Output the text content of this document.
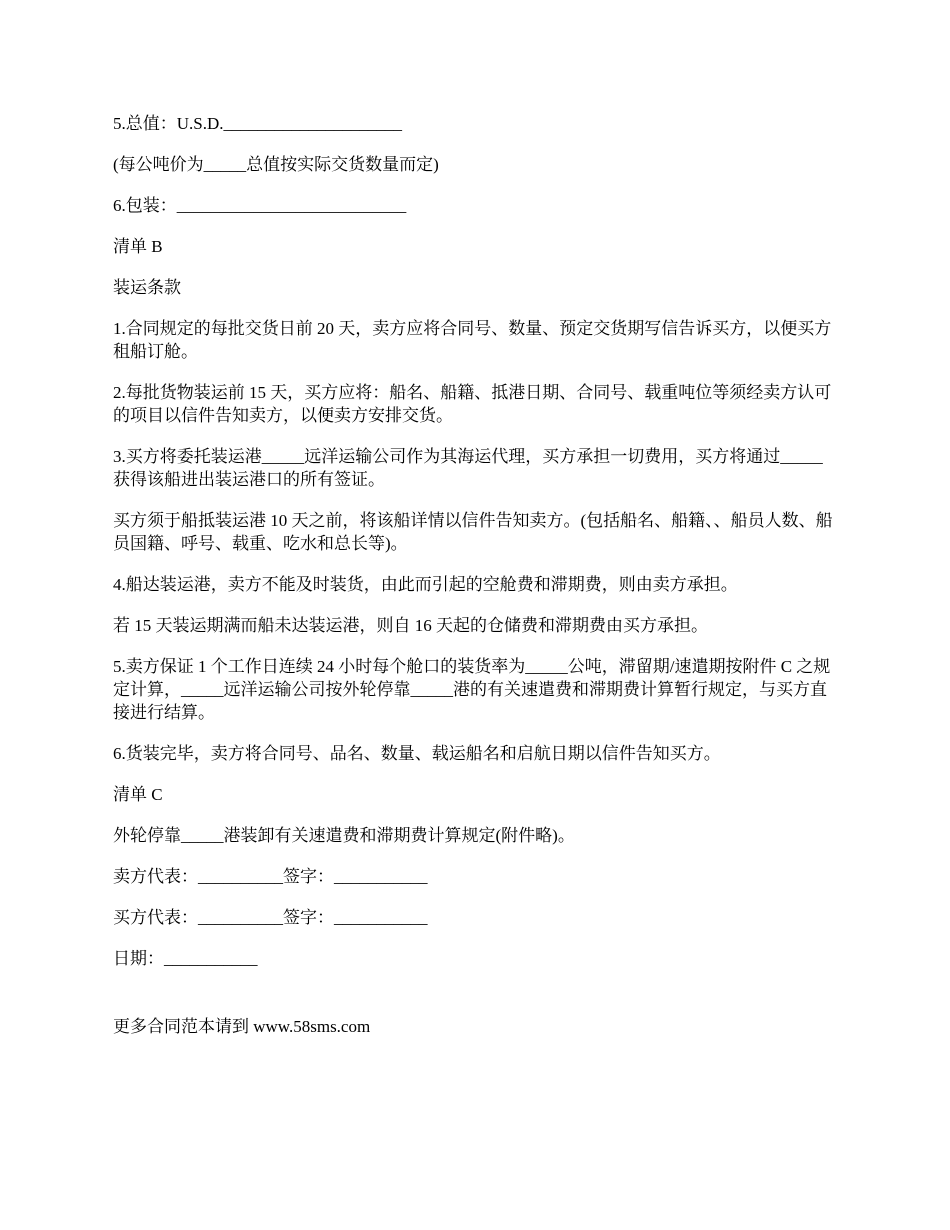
5.总值：U.S.D._____________________

(每公吨价为_____总值按实际交货数量而定)

6.包装：___________________________

清单 B

装运条款

1.合同规定的每批交货日前 20 天，卖方应将合同号、数量、预定交货期写信告诉买方，以便买方租船订舱。

2.每批货物装运前 15 天，买方应将：船名、船籍、抵港日期、合同号、载重吨位等须经卖方认可的项目以信件告知卖方，以便卖方安排交货。

3.买方将委托装运港_____远洋运输公司作为其海运代理，买方承担一切费用，买方将通过_____获得该船进出装运港口的所有签证。

买方须于船抵装运港 10 天之前，将该船详情以信件告知卖方。(包括船名、船籍、、船员人数、船员国籍、呼号、载重、吃水和总长等)。

4.船达装运港，卖方不能及时装货，由此而引起的空舱费和滞期费，则由卖方承担。

若 15 天装运期满而船未达装运港，则自 16 天起的仓储费和滞期费由买方承担。

5.卖方保证 1 个工作日连续 24 小时每个舱口的装货率为_____公吨，滞留期/速遣期按附件 C 之规定计算，_____远洋运输公司按外轮停靠_____港的有关速遣费和滞期费计算暂行规定，与买方直接进行结算。

6.货装完毕，卖方将合同号、品名、数量、载运船名和启航日期以信件告知买方。

清单 C

外轮停靠_____港装卸有关速遣费和滞期费计算规定(附件略)。

卖方代表：__________签字：___________

买方代表：__________签字：___________

日期：___________

更多合同范本请到 www.58sms.com
